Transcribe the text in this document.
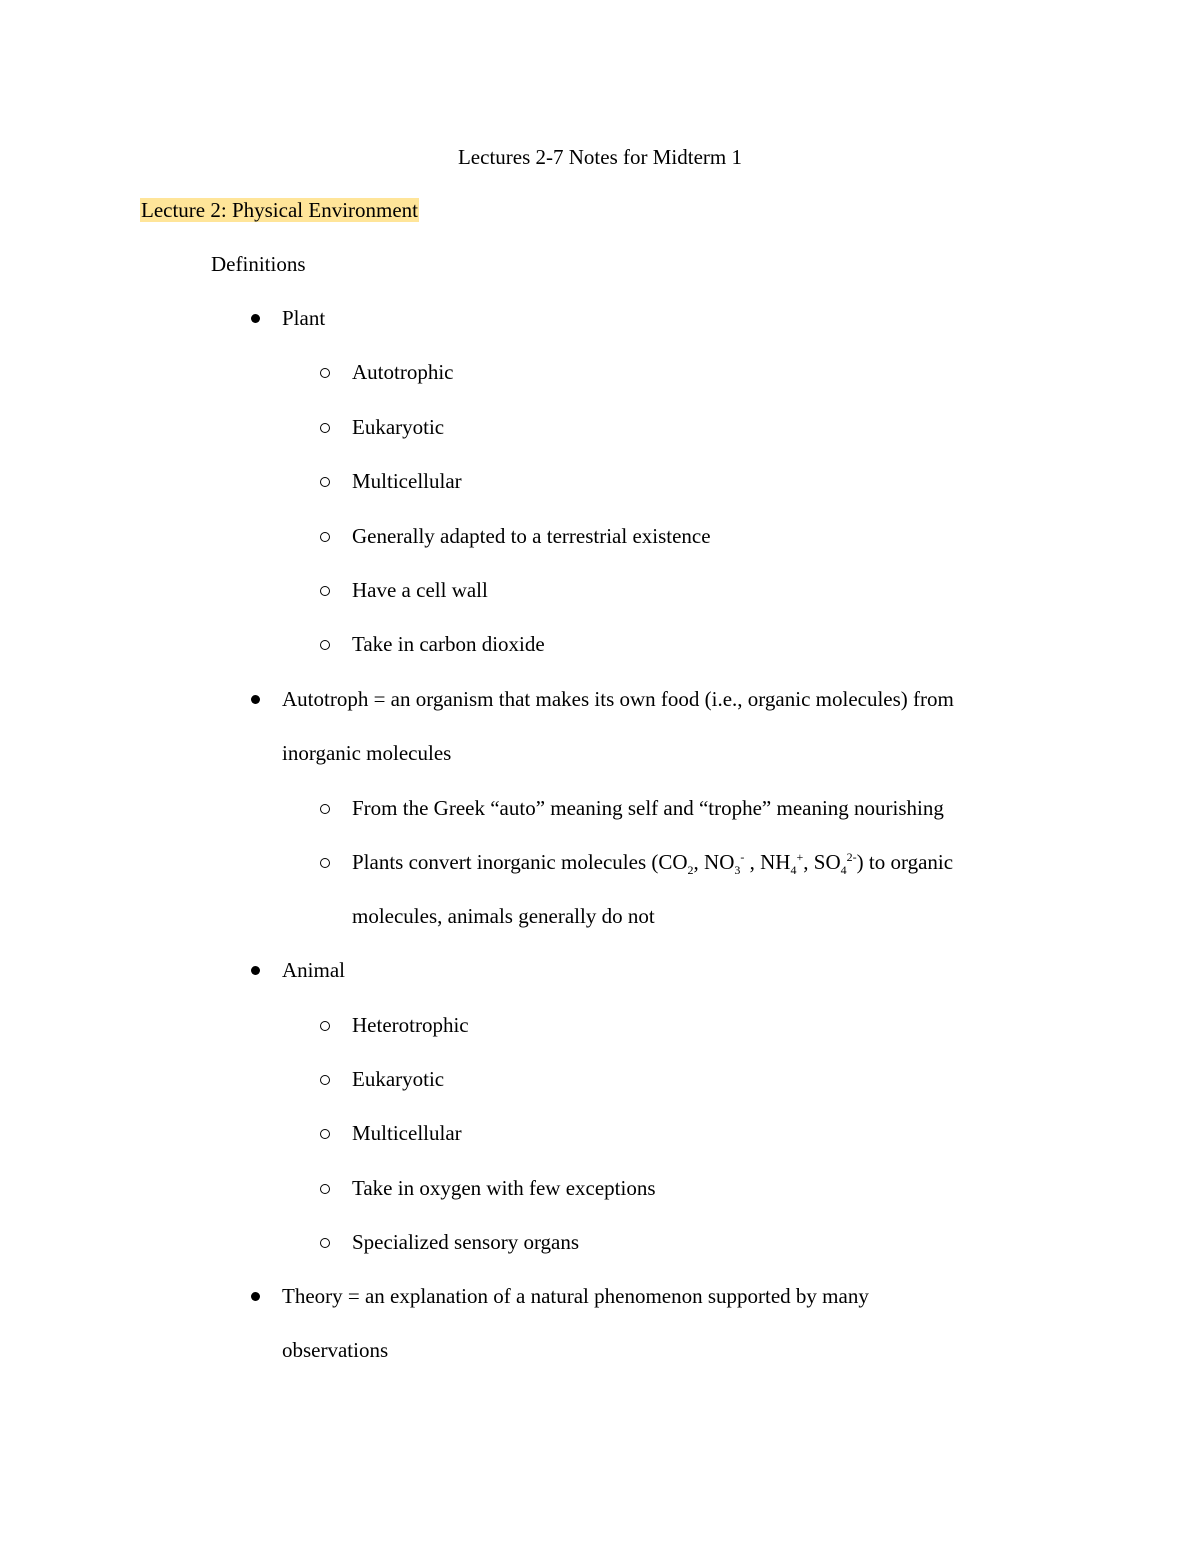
Lectures 2-7 Notes for Midterm 1
Lecture 2: Physical Environment
Definitions
Plant
Autotrophic
Eukaryotic
Multicellular
Generally adapted to a terrestrial existence
Have a cell wall
Take in carbon dioxide
Autotroph = an organism that makes its own food (i.e., organic molecules) from
inorganic molecules
From the Greek “auto” meaning self and “trophe” meaning nourishing
Plants convert inorganic molecules ($CO_2$, $NO_3^-$ , $NH_4^+$, $SO_4^{2-}$) to organic
molecules, animals generally do not
Animal
Heterotrophic
Eukaryotic
Multicellular
Take in oxygen with few exceptions
Specialized sensory organs
Theory = an explanation of a natural phenomenon supported by many
observations
